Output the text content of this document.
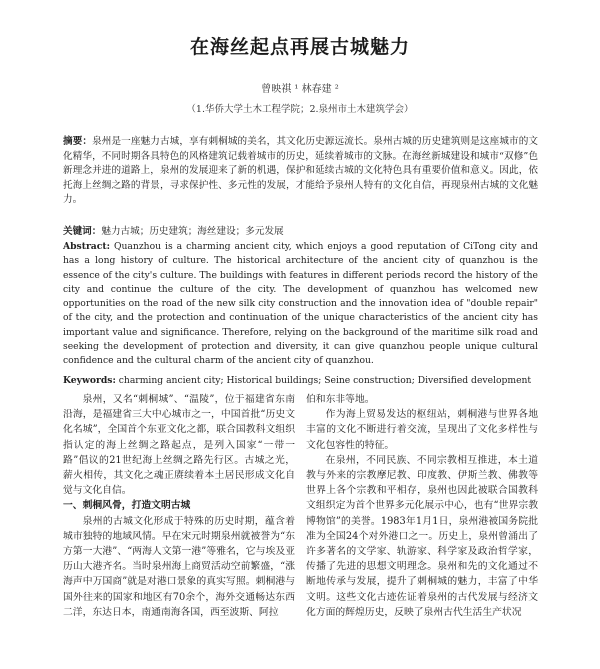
在海丝起点再展古城魅力
曾映祺 ¹ 林春建 ²
（1.华侨大学土木工程学院；2.泉州市土木建筑学会）
摘要：泉州是一座魅力古城，享有刺桐城的美名，其文化历史源远流长。泉州古城的历史建筑则是这座城市的文化精华，不同时期各具特色的风格建筑记载着城市的历史，延续着城市的文脉。在海丝新城建设和城市“双修”色新理念并进的道路上，泉州的发展迎来了新的机遇，保护和延续古城的文化特色具有重要价值和意义。因此，依托海上丝绸之路的背景，寻求保护性、多元性的发展，才能给予泉州人特有的文化自信，再现泉州古城的文化魅力。
关键词：魅力古城；历史建筑；海丝建设；多元发展
Abstract: Quanzhou is a charming ancient city, which enjoys a good reputation of CiTong city and has a long history of culture. The historical architecture of the ancient city of quanzhou is the essence of the city's culture. The buildings with features in different periods record the history of the city and continue the culture of the city. The development of quanzhou has welcomed new opportunities on the road of the new silk city construction and the innovation idea of "double repair" of the city, and the protection and continuation of the unique characteristics of the ancient city has important value and significance. Therefore, relying on the background of the maritime silk road and seeking the development of protection and diversity, it can give quanzhou people unique cultural confidence and the cultural charm of the ancient city of quanzhou.
Keywords: charming ancient city; Historical buildings; Seine construction; Diversified development

泉州，又名“刺桐城”、“温陵”，位于福建省东南沿海，是福建省三大中心城市之一，中国首批“历史文化名城”，全国首个东亚文化之都，联合国教科文组织指认定的海上丝绸之路起点，是列入国家“一带一路”倡议的21世纪海上丝绸之路先行区。古城之光，薪火相传，其文化之魂正赓续着本土居民形成文化自觉与文化自信。

一、刺桐风骨，打造文明古城

泉州的古城文化形成于特殊的历史时期，蕴含着城市独特的地域风情。早在宋元时期泉州就被誉为“东方第一大港”、“两海人文第一港”等雅名，它与埃及亚历山大港齐名。当时泉州海上商贸活动空前繁盛，“涨海声中万国商”就是对港口景象的真实写照。刺桐港与国外往来的国家和地区有70余个，海外交通畅达东西二洋，东达日本，南通南海各国，西至波斯、阿拉

伯和东非等地。

作为海上贸易发达的枢纽站，刺桐港与世界各地丰富的文化不断进行着交流，呈现出了文化多样性与文化包容性的特征。

在泉州，不同民族、不同宗教相互推进，本土道教与外来的宗教摩尼教、印度教、伊斯兰教、佛教等世界上各个宗教和平相存，泉州也因此被联合国教科文组织定为首个世界多元化展示中心，也有“世界宗教博物馆”的美誉。1983年1月1日，泉州港被国务院批准为全国24个对外港口之一。历史上，泉州曾涌出了许多著名的文学家、轨游家、科学家及政治哲学家，传播了先进的思想文明理念。泉州和先的文化通过不断地传承与发展，提升了刺桐城的魅力，丰富了中华文明。这些文化古迹佐证着泉州的古代发展与经济文化方面的辉煌历史，反映了泉州古代生活生产状况
